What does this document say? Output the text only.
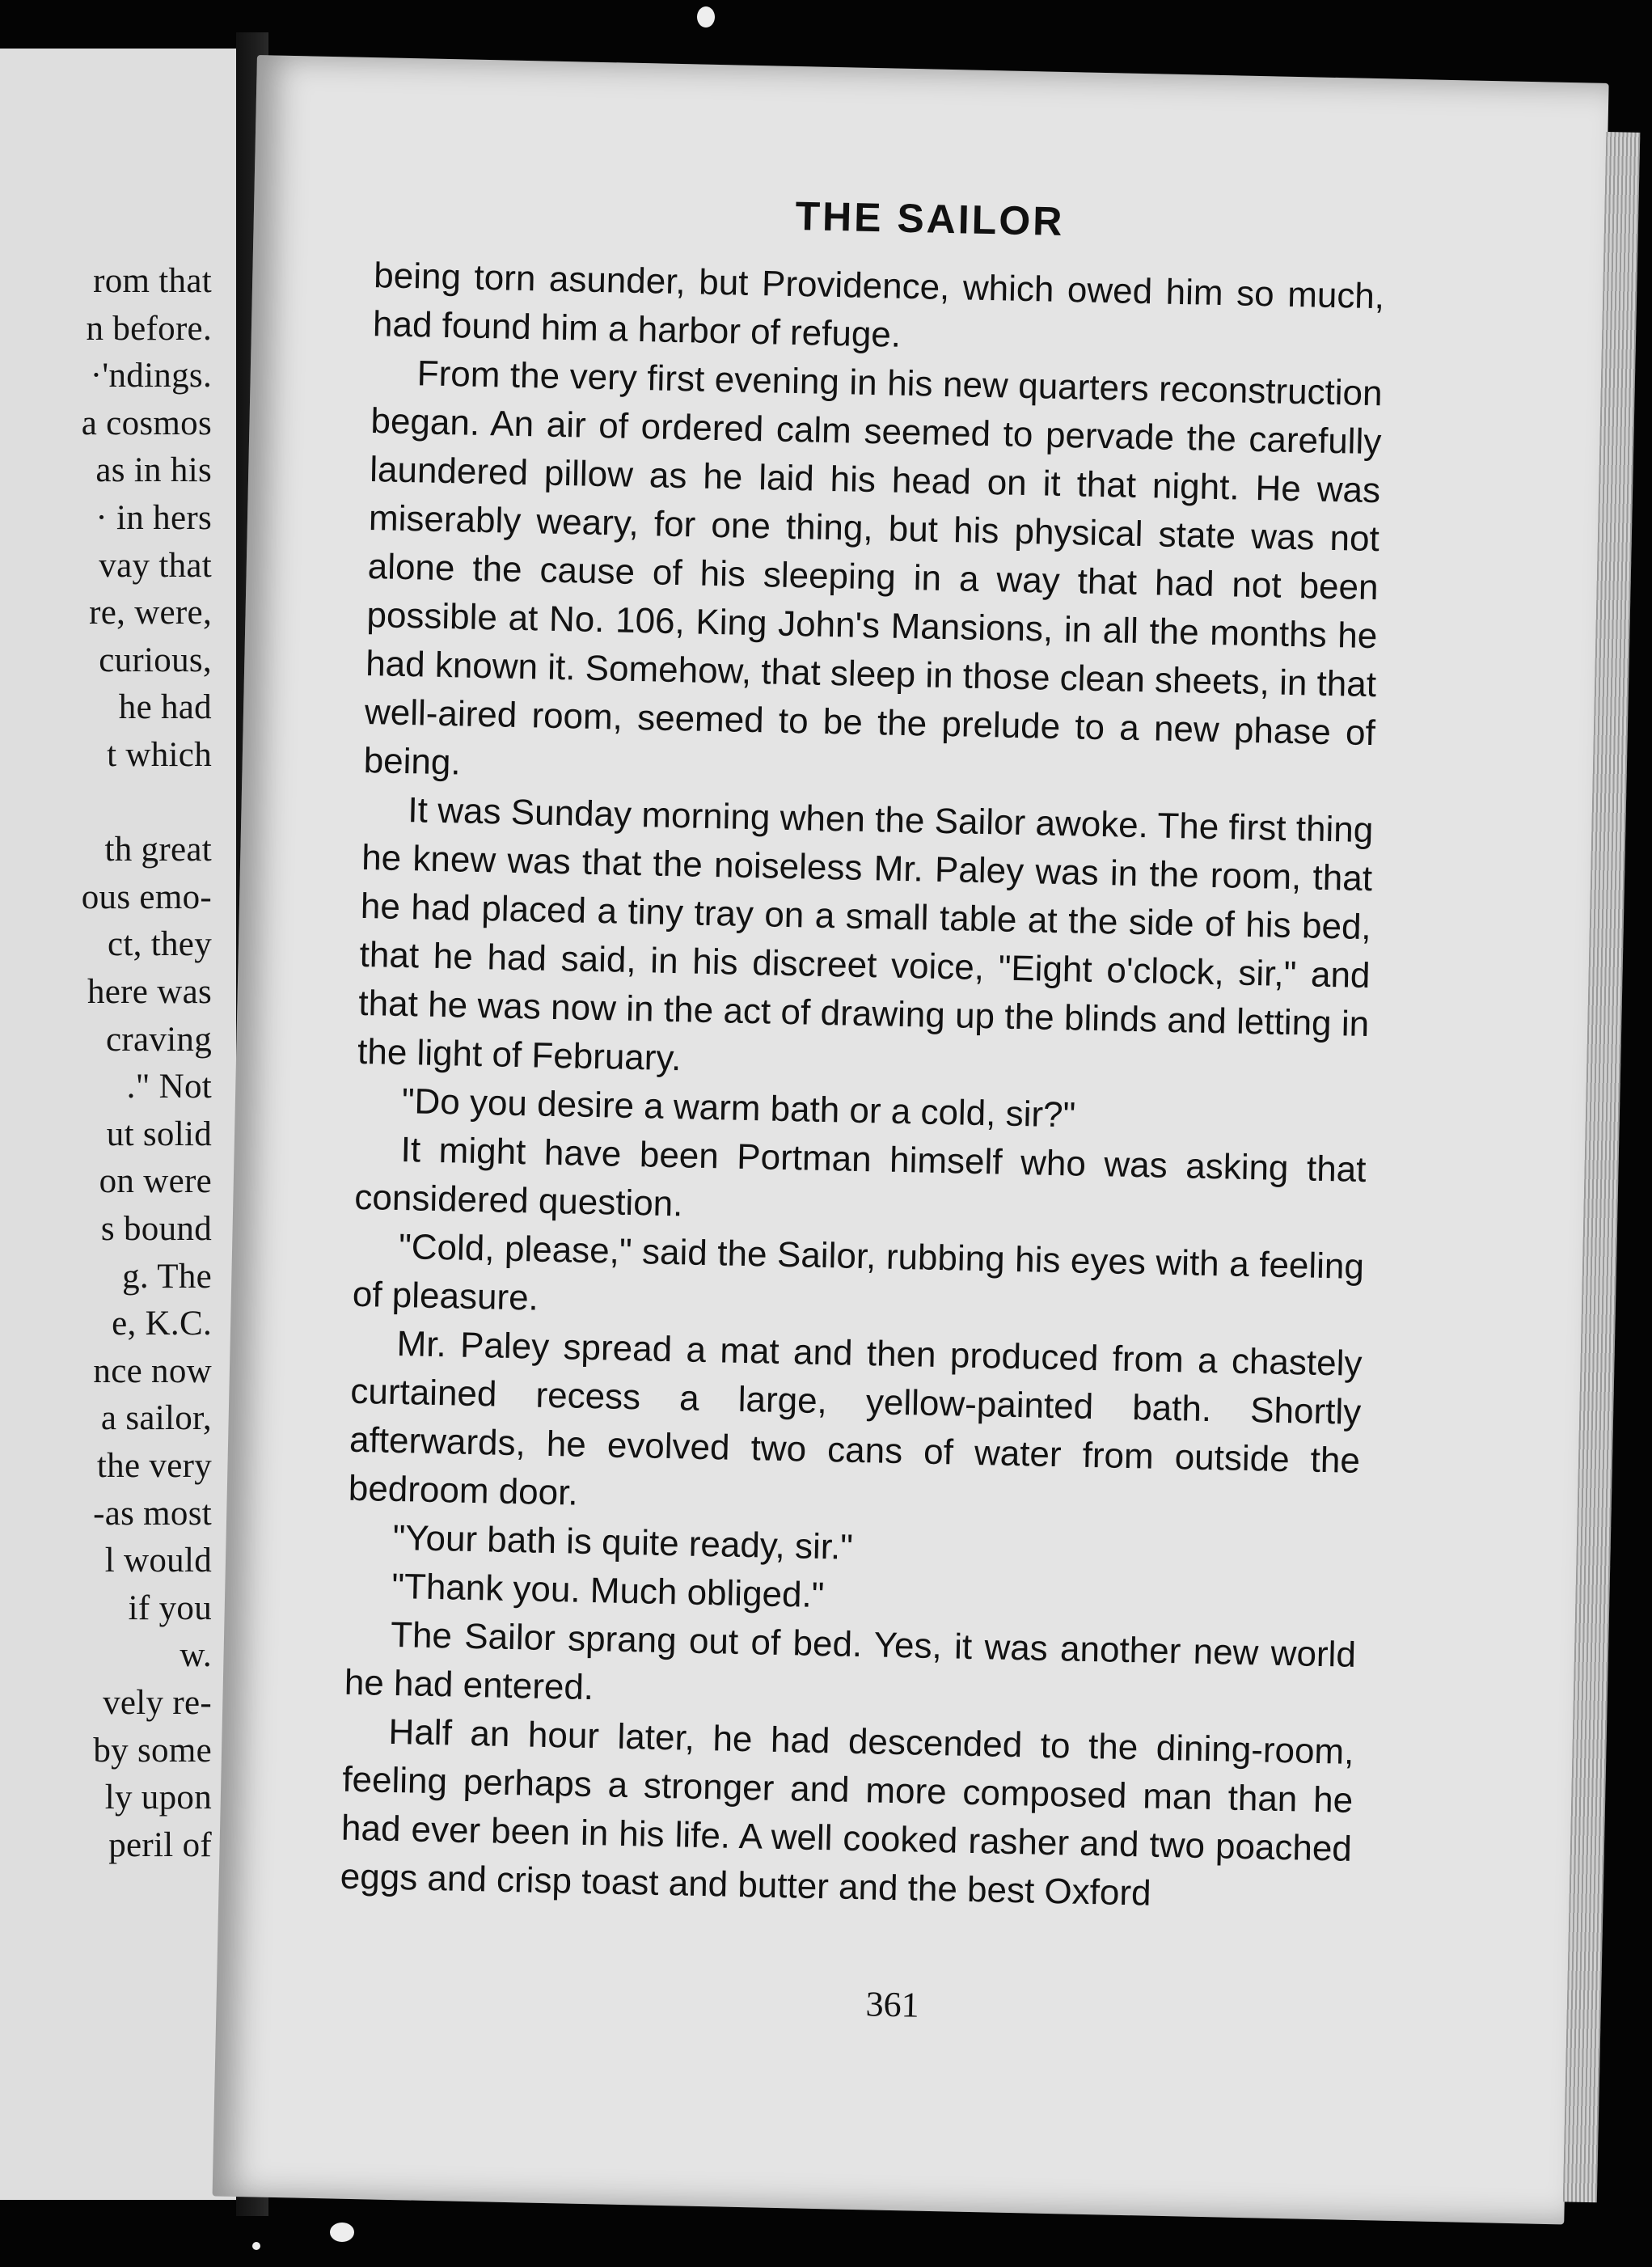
rom that
n before.
·'ndings.
a cosmos
as in his
· in hers
vay that
re, were,
curious,
he had
t which
th great
ous emo-
ct, they
here was
craving
." Not
ut solid
on were
s bound
g. The
e, K.C.
nce now
a sailor,
the very
-as most
l would
if you
w.
vely re-
by some
ly upon
peril of
THE SAILOR

being torn asunder, but Providence, which owed him so much, had found him a harbor of refuge.

From the very first evening in his new quarters reconstruction began. An air of ordered calm seemed to pervade the carefully laundered pillow as he laid his head on it that night. He was miserably weary, for one thing, but his physical state was not alone the cause of his sleeping in a way that had not been possible at No. 106, King John's Mansions, in all the months he had known it. Somehow, that sleep in those clean sheets, in that well-aired room, seemed to be the prelude to a new phase of being.

It was Sunday morning when the Sailor awoke. The first thing he knew was that the noiseless Mr. Paley was in the room, that he had placed a tiny tray on a small table at the side of his bed, that he had said, in his discreet voice, "Eight o'clock, sir," and that he was now in the act of drawing up the blinds and letting in the light of February.

"Do you desire a warm bath or a cold, sir?"

It might have been Portman himself who was asking that considered question.

"Cold, please," said the Sailor, rubbing his eyes with a feeling of pleasure.

Mr. Paley spread a mat and then produced from a chastely curtained recess a large, yellow-painted bath. Shortly afterwards, he evolved two cans of water from outside the bedroom door.

"Your bath is quite ready, sir."

"Thank you. Much obliged."

The Sailor sprang out of bed. Yes, it was another new world he had entered.

Half an hour later, he had descended to the dining-room, feeling perhaps a stronger and more composed man than he had ever been in his life. A well cooked rasher and two poached eggs and crisp toast and butter and the best Oxford

361
